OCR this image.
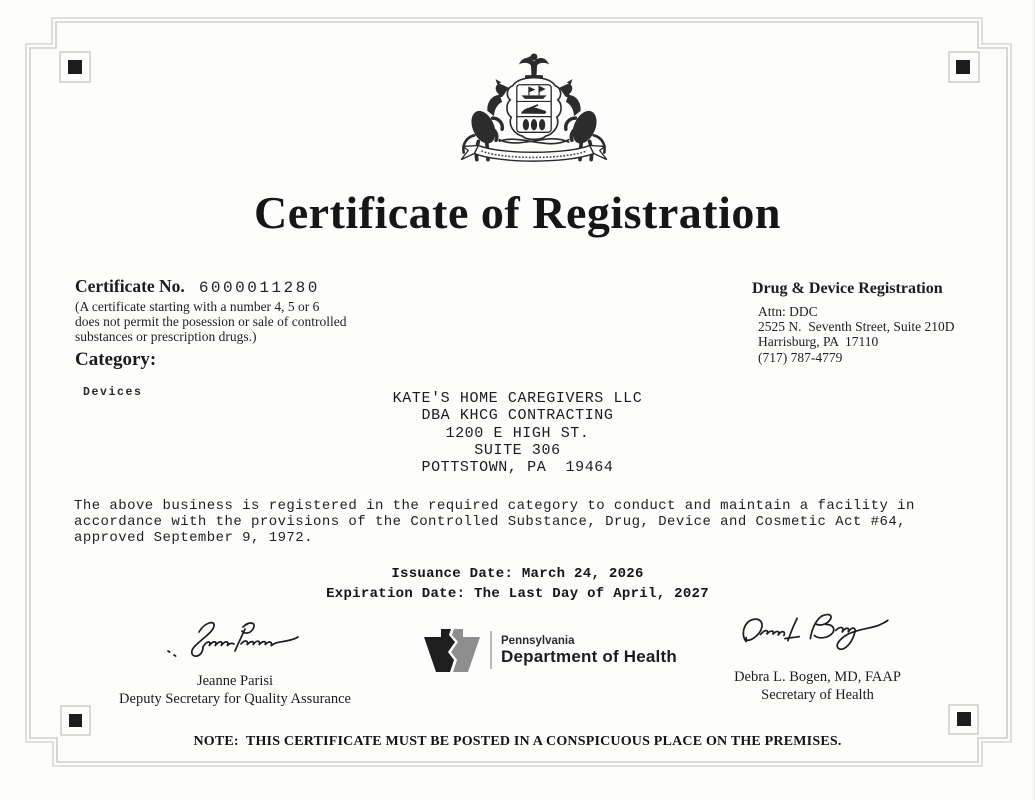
Certificate of Registration
Certificate No. 6000011280
(A certificate starting with a number 4, 5 or 6
does not permit the posession or sale of controlled
substances or prescription drugs.)
Category:
Devices
Drug & Device Registration
Attn: DDC
2525 N.  Seventh Street, Suite 210D
Harrisburg, PA  17110
(717) 787-4779
KATE'S HOME CAREGIVERS LLC
DBA KHCG CONTRACTING
1200 E HIGH ST.
SUITE 306
POTTSTOWN, PA  19464
The above business is registered in the required category to conduct and maintain a facility in
accordance with the provisions of the Controlled Substance, Drug, Device and Cosmetic Act #64,
approved September 9, 1972.
Issuance Date: March 24, 2026
Expiration Date: The Last Day of April, 2027
Jeanne Parisi
Deputy Secretary for Quality Assurance
Debra L. Bogen, MD, FAAP
Secretary of Health
Pennsylvania
Department of Health
NOTE:  THIS CERTIFICATE MUST BE POSTED IN A CONSPICUOUS PLACE ON THE PREMISES.
